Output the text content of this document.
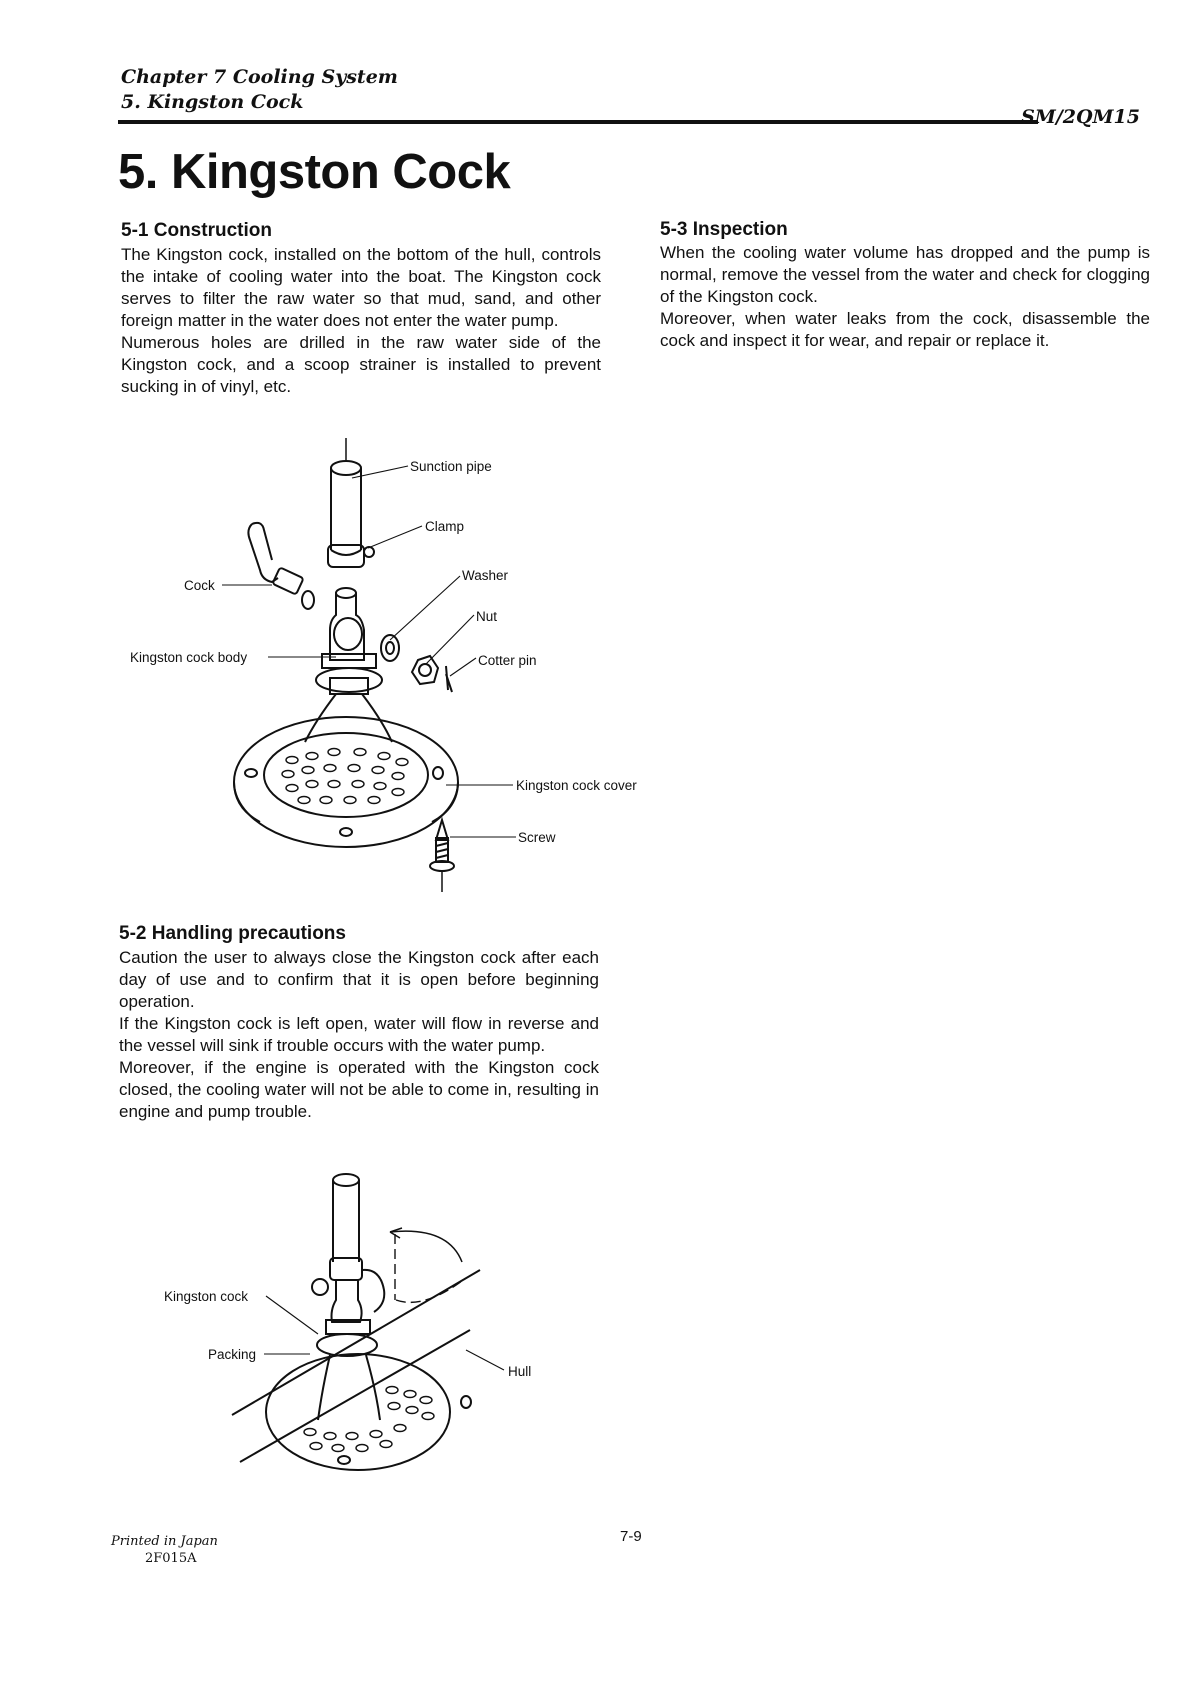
Chapter 7 Cooling System
5. Kingston Cock
SM/2QM15
5. Kingston Cock
5-1 Construction

The Kingston cock, installed on the bottom of the hull, controls the intake of cooling water into the boat. The Kingston cock serves to filter the raw water so that mud, sand, and other foreign matter in the water does not enter the water pump.

Numerous holes are drilled in the raw water side of the Kingston cock, and a scoop strainer is installed to prevent sucking in of vinyl, etc.

5-3 Inspection

When the cooling water volume has dropped and the pump is normal, remove the vessel from the water and check for clogging of the Kingston cock.

Moreover, when water leaks from the cock, disassemble the cock and inspect it for wear, and repair or replace it.

Sunction pipe
Clamp
Washer
Cock
Nut
Kingston cock body	Cotter pin
Kingston cock cover
Screw
5-2 Handling precautions

Caution the user to always close the Kingston cock after each day of use and to confirm that it is open before beginning operation.

If the Kingston cock is left open, water will flow in reverse and the vessel will sink if trouble occurs with the water pump.

Moreover, if the engine is operated with the Kingston cock closed, the cooling water will not be able to come in, resulting in engine and pump trouble.

Kingston cock
Packing
Hull
Printed in Japan
2F015A
7-9
